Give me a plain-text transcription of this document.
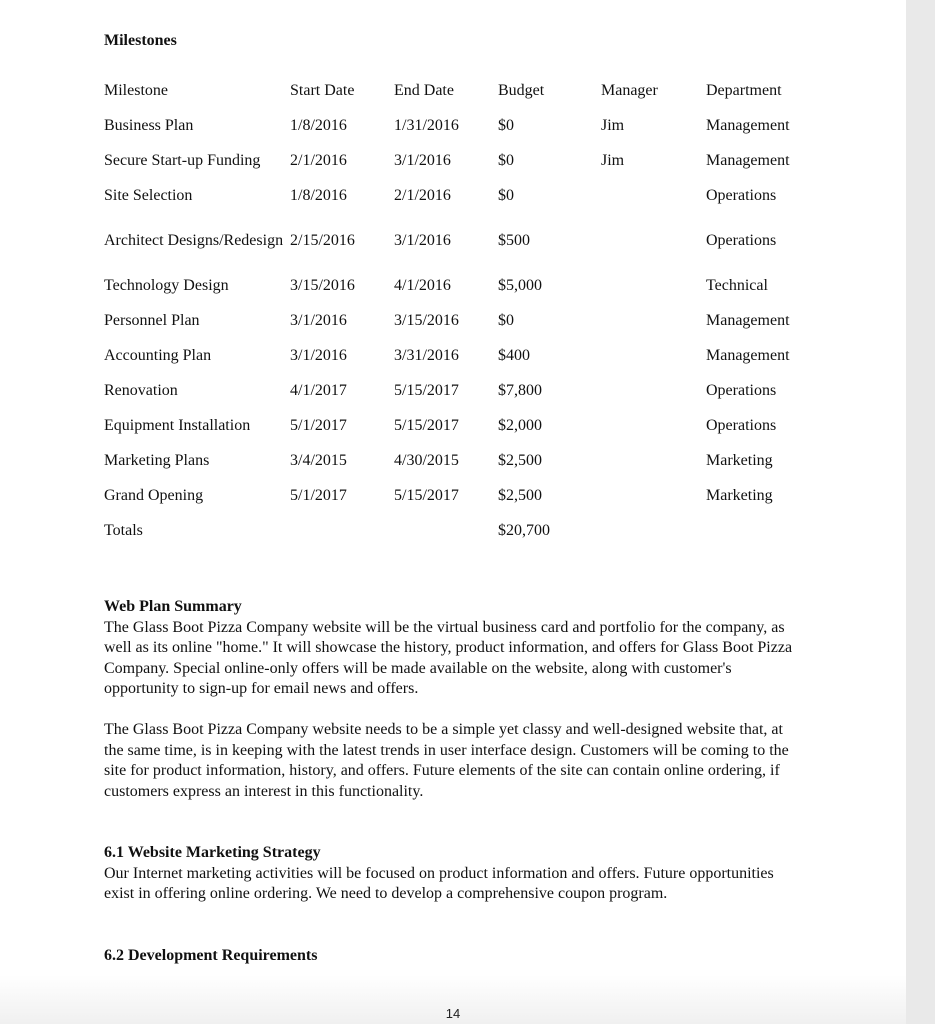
Milestones
Milestone	Start Date	End Date	Budget	Manager	Department
Business Plan	1/8/2016	1/31/2016	$0	Jim	Management
Secure Start-up Funding	2/1/2016	3/1/2016	$0	Jim	Management
Site Selection	1/8/2016	2/1/2016	$0		Operations
Architect Designs/Redesign	2/15/2016	3/1/2016	$500		Operations
Technology Design	3/15/2016	4/1/2016	$5,000		Technical
Personnel Plan	3/1/2016	3/15/2016	$0		Management
Accounting Plan	3/1/2016	3/31/2016	$400		Management
Renovation	4/1/2017	5/15/2017	$7,800		Operations
Equipment Installation	5/1/2017	5/15/2017	$2,000		Operations
Marketing Plans	3/4/2015	4/30/2015	$2,500		Marketing
Grand Opening	5/1/2017	5/15/2017	$2,500		Marketing
Totals			$20,700		
Web Plan Summary

The Glass Boot Pizza Company website will be the virtual business card and portfolio for the company, as well as its online "home." It will showcase the history, product information, and offers for Glass Boot Pizza Company. Special online-only offers will be made available on the website, along with customer's opportunity to sign-up for email news and offers.

The Glass Boot Pizza Company website needs to be a simple yet classy and well-designed website that, at the same time, is in keeping with the latest trends in user interface design. Customers will be coming to the site for product information, history, and offers. Future elements of the site can contain online ordering, if customers express an interest in this functionality.

6.1 Website Marketing Strategy

Our Internet marketing activities will be focused on product information and offers. Future opportunities exist in offering online ordering. We need to develop a comprehensive coupon program.

6.2 Development Requirements
14
